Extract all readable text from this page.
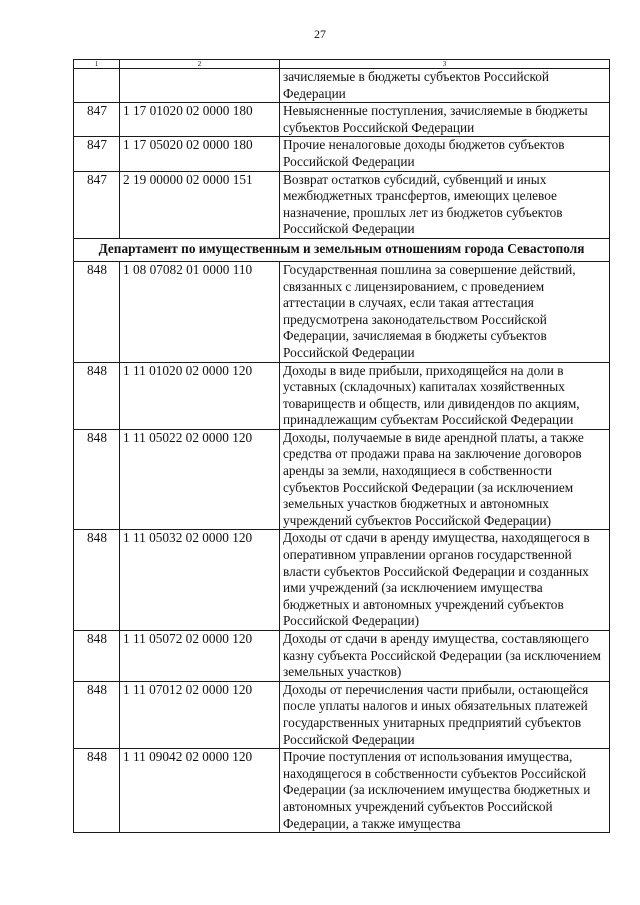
27
1	2	3
		зачисляемые в бюджеты субъектов Российской Федерации
847	1 17 01020 02 0000 180	Невыясненные поступления, зачисляемые в бюджеты субъектов Российской Федерации
847	1 17 05020 02 0000 180	Прочие неналоговые доходы бюджетов субъектов Российской Федерации
847	2 19 00000 02 0000 151	Возврат остатков субсидий, субвенций и иных межбюджетных трансфертов, имеющих целевое назначение, прошлых лет из бюджетов субъектов Российской Федерации
Департамент по имущественным и земельным отношениям города Севастополя		
848	1 08 07082 01 0000 110	Государственная пошлина за совершение действий, связанных с лицензированием, с проведением аттестации в случаях, если такая аттестация предусмотрена законодательством Российской Федерации, зачисляемая в бюджеты субъектов Российской Федерации
848	1 11 01020 02 0000 120	Доходы в виде прибыли, приходящейся на доли в уставных (складочных) капиталах хозяйственных товариществ и обществ, или дивидендов по акциям, принадлежащим субъектам Российской Федерации
848	1 11 05022 02 0000 120	Доходы, получаемые в виде арендной платы, а также средства от продажи права на заключение договоров аренды за земли, находящиеся в собственности субъектов Российской Федерации (за исключением земельных участков бюджетных и автономных учреждений субъектов Российской Федерации)
848	1 11 05032 02 0000 120	Доходы от сдачи в аренду имущества, находящегося в оперативном управлении органов государственной власти субъектов Российской Федерации и созданных ими учреждений (за исключением имущества бюджетных и автономных учреждений субъектов Российской Федерации)
848	1 11 05072 02 0000 120	Доходы от сдачи в аренду имущества, составляющего казну субъекта Российской Федерации (за исключением земельных участков)
848	1 11 07012 02 0000 120	Доходы от перечисления части прибыли, остающейся после уплаты налогов и иных обязательных платежей государственных унитарных предприятий субъектов Российской Федерации
848	1 11 09042 02 0000 120	Прочие поступления от использования имущества, находящегося в собственности субъектов Российской Федерации (за исключением имущества бюджетных и автономных учреждений субъектов Российской Федерации, а также имущества
